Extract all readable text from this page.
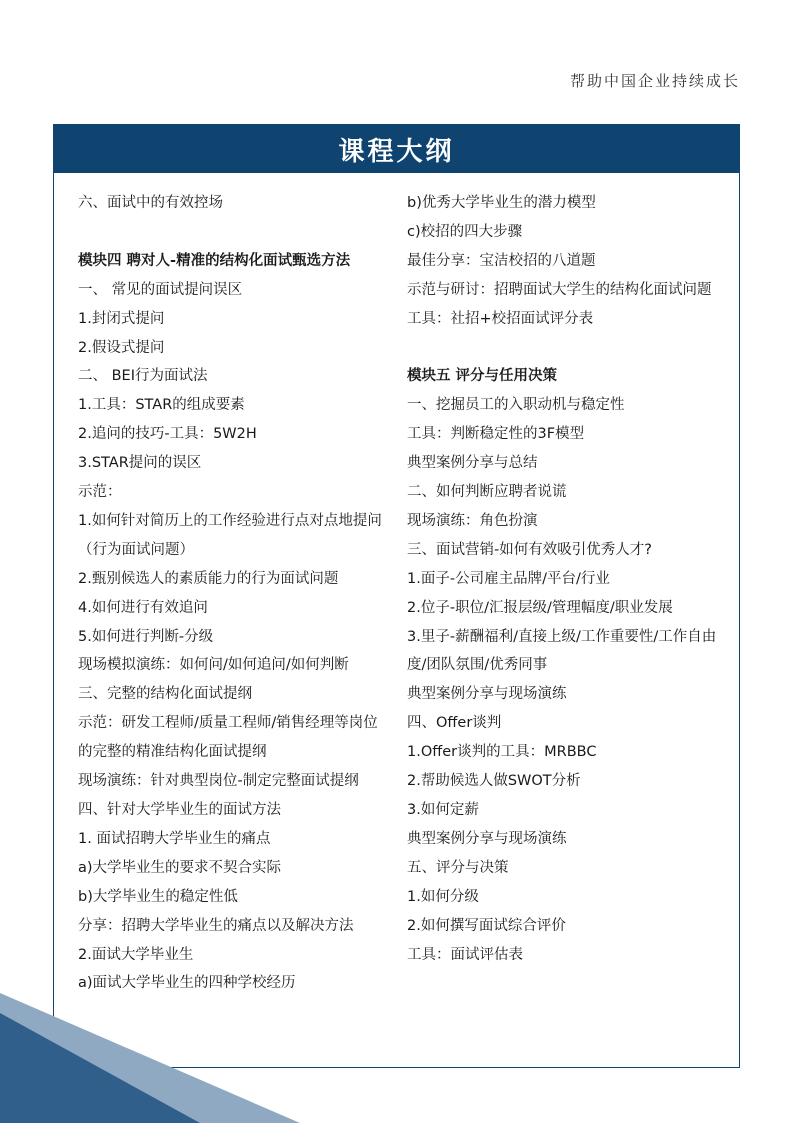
帮助中国企业持续成长
课程大纲
六、面试中的有效控场
模块四 聘对人-精准的结构化面试甄选方法
一、 常见的面试提问误区
1.封闭式提问
2.假设式提问
二、 BEI行为面试法
1.工具：STAR的组成要素
2.追问的技巧-工具：5W2H
3.STAR提问的误区
示范：
1.如何针对简历上的工作经验进行点对点地提问（行为面试问题）
2.甄别候选人的素质能力的行为面试问题
4.如何进行有效追问
5.如何进行判断-分级
现场模拟演练：如何问/如何追问/如何判断
三、完整的结构化面试提纲
示范：研发工程师/质量工程师/销售经理等岗位的完整的精准结构化面试提纲
现场演练：针对典型岗位-制定完整面试提纲
四、针对大学毕业生的面试方法
1. 面试招聘大学毕业生的痛点
a)大学毕业生的要求不契合实际
b)大学毕业生的稳定性低
分享：招聘大学毕业生的痛点以及解决方法
2.面试大学毕业生
a)面试大学毕业生的四种学校经历
b)优秀大学毕业生的潜力模型
c)校招的四大步骤
最佳分享：宝洁校招的八道题
示范与研讨：招聘面试大学生的结构化面试问题
工具：社招+校招面试评分表
模块五 评分与任用决策
一、挖掘员工的入职动机与稳定性
工具：判断稳定性的3F模型
典型案例分享与总结
二、如何判断应聘者说谎
现场演练：角色扮演
三、面试营销-如何有效吸引优秀人才?
1.面子-公司雇主品牌/平台/行业
2.位子-职位/汇报层级/管理幅度/职业发展
3.里子-薪酬福利/直接上级/工作重要性/工作自由度/团队氛围/优秀同事
典型案例分享与现场演练
四、Offer谈判
1.Offer谈判的工具：MRBBC
2.帮助候选人做SWOT分析
3.如何定薪
典型案例分享与现场演练
五、评分与决策
1.如何分级
2.如何撰写面试综合评价
工具：面试评估表
